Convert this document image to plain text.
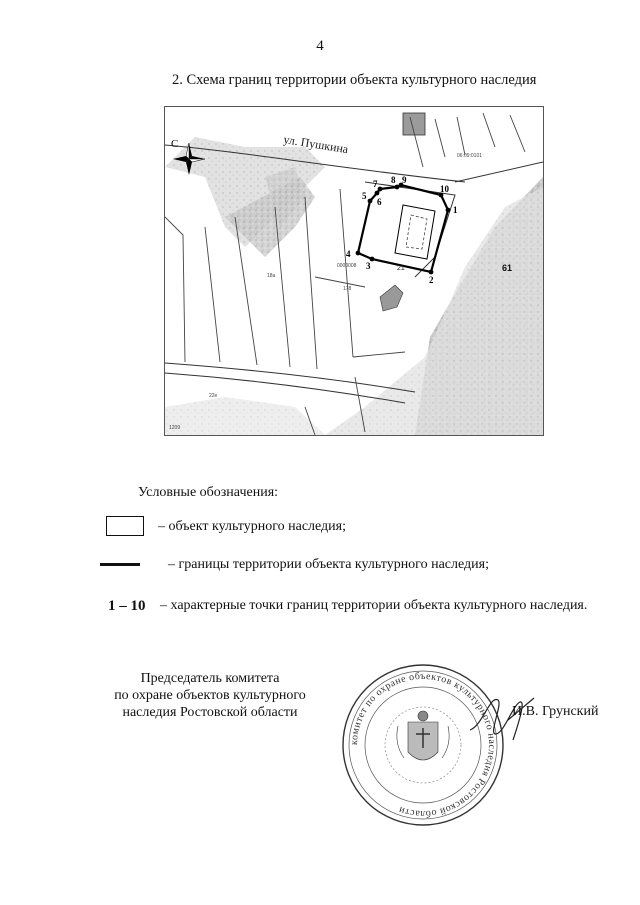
4
2. Схема границ территории объекта культурного наследия
1
2
3
4
5
6
7 8 9
10
ул. Пушкина
21	61
06:09:0101
0000008
178
18a
22е
1209
С
Условные обозначения:
– объект культурного наследия;
– границы территории объекта культурного наследия;
1 – 10 – характерные точки границ территории объекта культурного наследия.
Председатель комитета
по охране объектов культурного
наследия Ростовской области
комитет по охране объектов культурного наследия Ростовской области
И.В. Грунский
